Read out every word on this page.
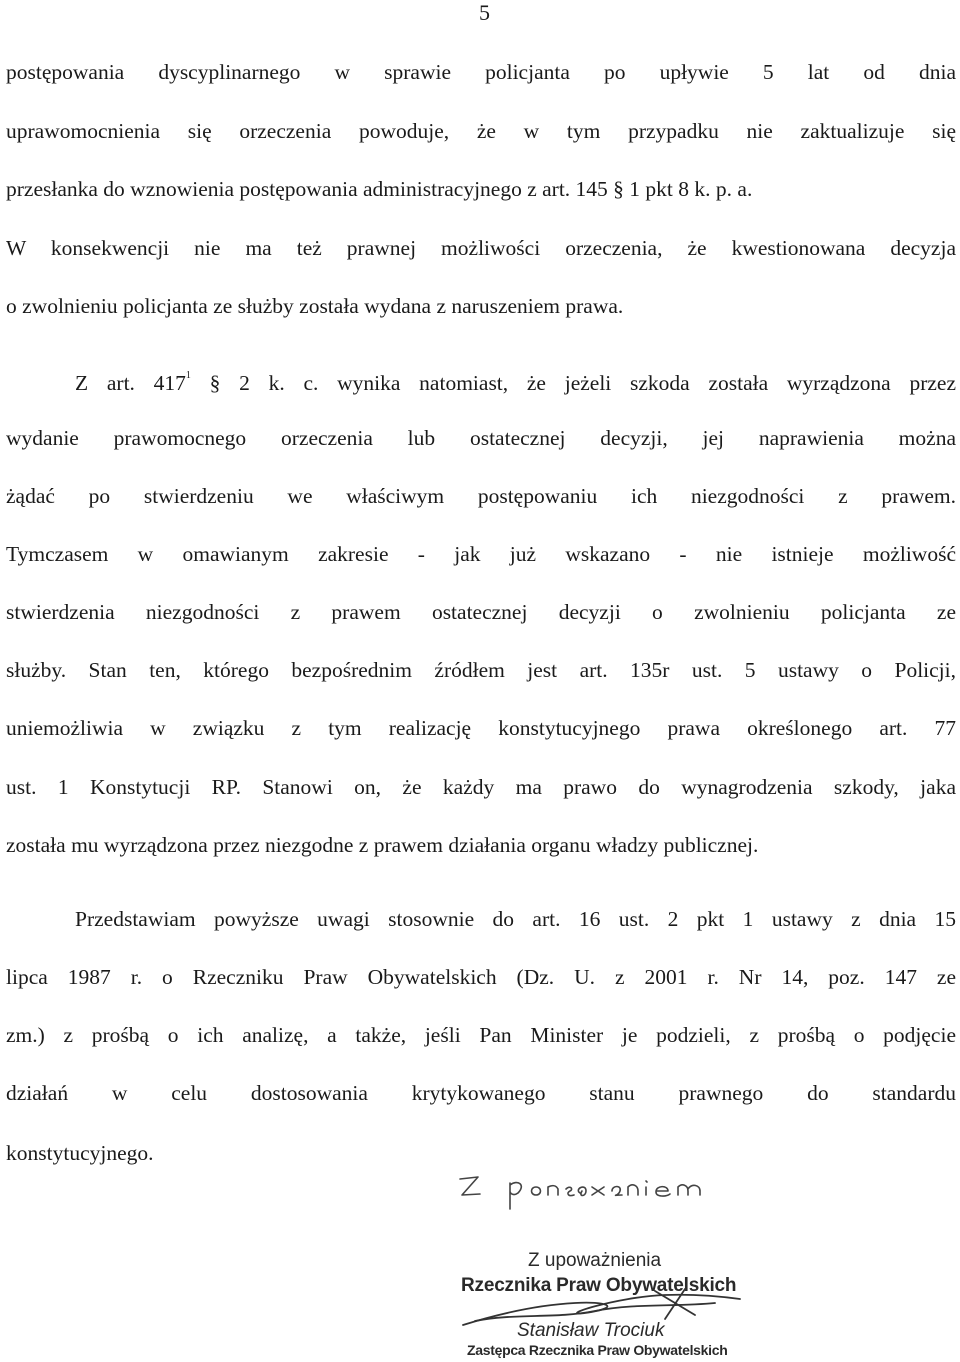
5
postępowania dyscyplinarnego w sprawie policjanta po upływie 5 lat od dnia
uprawomocnienia się orzeczenia powoduje, że w tym przypadku nie zaktualizuje się
przesłanka do wznowienia postępowania administracyjnego z art. 145 § 1 pkt 8 k. p. a.
W konsekwencji nie ma też prawnej możliwości orzeczenia, że kwestionowana decyzja
o zwolnieniu policjanta ze służby została wydana z naruszeniem prawa.
Z art. $417^1$ § 2 k. c. wynika natomiast, że jeżeli szkoda została wyrządzona przez
wydanie prawomocnego orzeczenia lub ostatecznej decyzji, jej naprawienia można
żądać po stwierdzeniu we właściwym postępowaniu ich niezgodności z prawem.
Tymczasem w omawianym zakresie - jak już wskazano - nie istnieje możliwość
stwierdzenia niezgodności z prawem ostatecznej decyzji o zwolnieniu policjanta ze
służby. Stan ten, którego bezpośrednim źródłem jest art. 135r ust. 5 ustawy o Policji,
uniemożliwia w związku z tym realizację konstytucyjnego prawa określonego art. 77
ust. 1 Konstytucji RP. Stanowi on, że każdy ma prawo do wynagrodzenia szkody, jaka
została mu wyrządzona przez niezgodne z prawem działania organu władzy publicznej.
Przedstawiam powyższe uwagi stosownie do art. 16 ust. 2 pkt 1 ustawy z dnia 15
lipca 1987 r. o Rzeczniku Praw Obywatelskich (Dz. U. z 2001 r. Nr 14, poz. 147 ze
zm.) z prośbą o ich analizę, a także, jeśli Pan Minister je podzieli, z prośbą o podjęcie
działań w celu dostosowania krytykowanego stanu prawnego do standardu
konstytucyjnego.
Z upoważnienia
Rzecznika Praw Obywatelskich
Stanisław Trociuk
Zastępca Rzecznika Praw Obywatelskich
